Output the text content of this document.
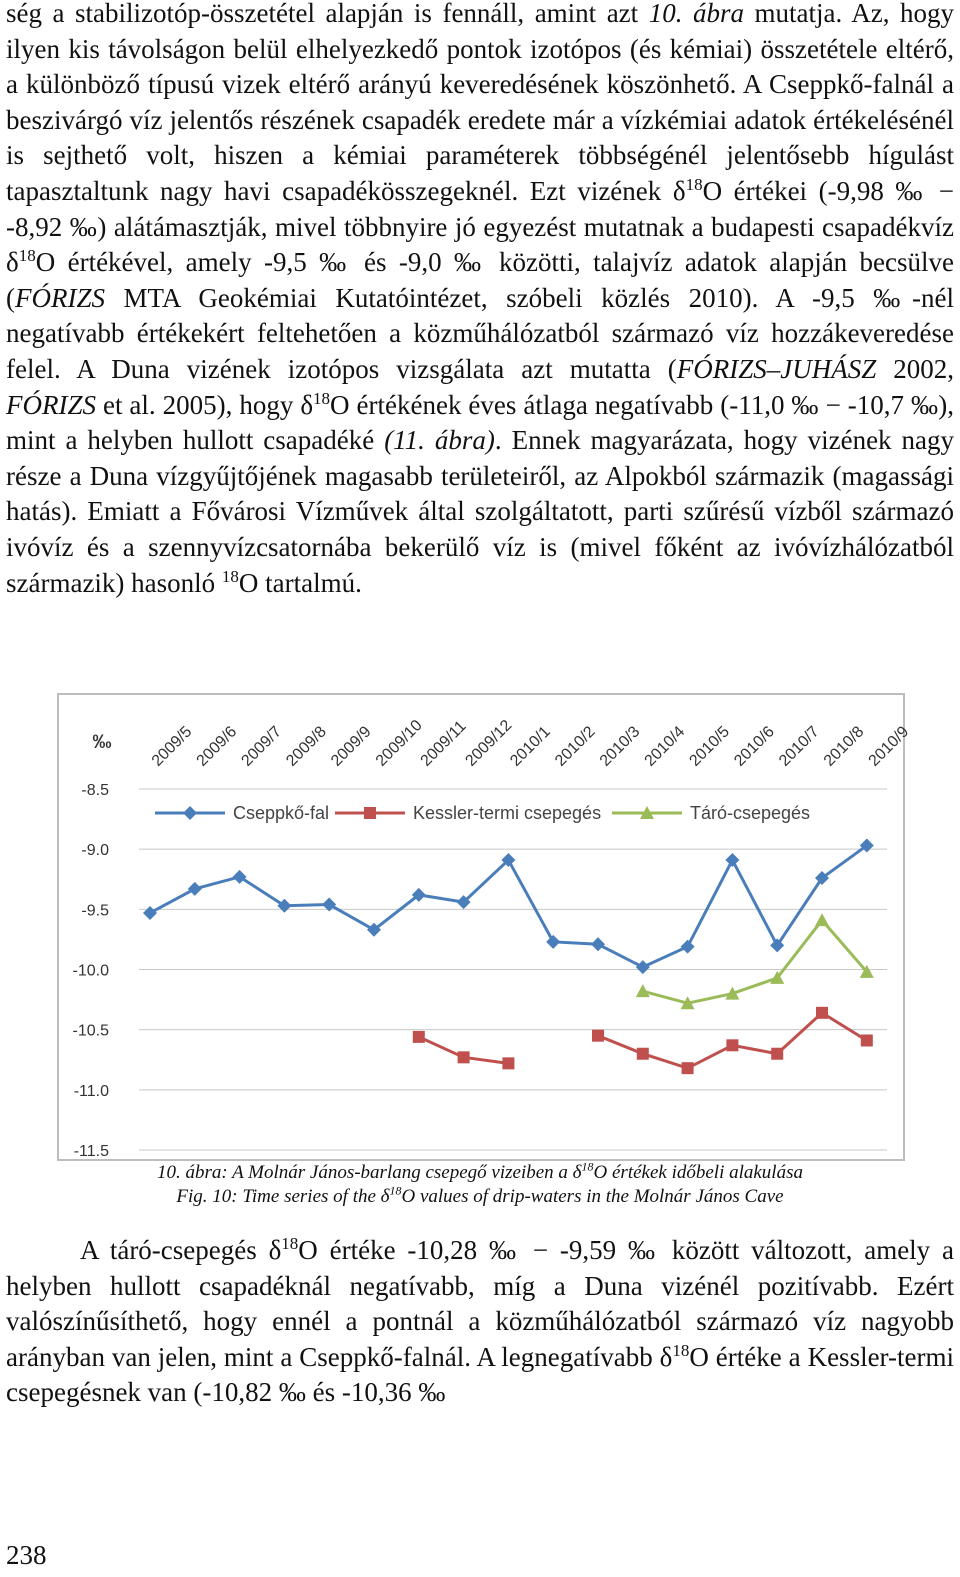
ség a stabilizotóp-összetétel alapján is fennáll, amint azt 10. ábra mutatja. Az, hogy ilyen kis távolságon belül elhelyezkedő pontok izotópos (és kémiai) összetétele eltérő, a különböző típusú vizek eltérő arányú keveredésének köszönhető. A Cseppkő-falnál a beszivárgó víz jelentős részének csapadék eredete már a vízkémiai adatok értékelésénél is sejthető volt, hiszen a kémiai paraméterek többségénél jelentősebb hígulást tapasztaltunk nagy havi csapadékösszegeknél. Ezt vizének $\delta^{18}O$ értékei (-9,98 ‰ − -8,92 ‰) alátámasztják, mivel többnyire jó egyezést mutatnak a budapesti csapadékvíz $\delta^{18}O$ értékével, amely -9,5 ‰ és -9,0 ‰ közötti, talajvíz adatok alapján becsülve (FÓRIZS MTA Geokémiai Kutatóintézet, szóbeli közlés 2010). A -9,5 ‰-nél negatívabb értékekért feltehetően a közműhálózatból származó víz hozzákeveredése felel. A Duna vizének izotópos vizsgálata azt mutatta (FÓRIZS–JUHÁSZ 2002, FÓRIZS et al. 2005), hogy $\delta^{18}O$ értékének éves átlaga negatívabb (-11,0 ‰ − -10,7 ‰), mint a helyben hullott csapadéké (11. ábra). Ennek magyarázata, hogy vizének nagy része a Duna vízgyűjtőjének magasabb területeiről, az Alpokból származik (magassági hatás). Emiatt a Fővárosi Vízművek által szolgáltatott, parti szűrésű vízből származó ivóvíz és a szennyvízcsatornába bekerülő víz is (mivel főként az ivóvízhálózatból származik) hasonló $^{18}$O tartalmú.

-8.5
-9.0
-9.5
-10.0
-10.5
-11.0
-11.5
‰ 2009/5
2009/6
2009/7
2009/8
2009/9
2009/10
2009/11
2009/12
2010/1
2010/2
2010/3
2010/4
2010/5
2010/6
2010/7
2010/8
2010/9
Cseppkő-fal	Kessler-termi csepegés	Táró-csepegés

10. ábra: A Molnár János-barlang csepegő vizeiben a $\delta^{18}O$ értékek időbeli alakulása

Fig. 10: Time series of the $\delta^{18}O$ values of drip-waters in the Molnár János Cave

A táró-csepegés $\delta^{18}O$ értéke -10,28 ‰ − -9,59 ‰ között változott, amely a helyben hullott csapadéknál negatívabb, míg a Duna vizénél pozitívabb. Ezért valószínűsíthető, hogy ennél a pontnál a közműhálózatból származó víz nagyobb arányban van jelen, mint a Cseppkő-falnál. A legnegatívabb $\delta^{18}O$ értéke a Kessler-termi csepegésnek van (-10,82 ‰ és -10,36 ‰

238
